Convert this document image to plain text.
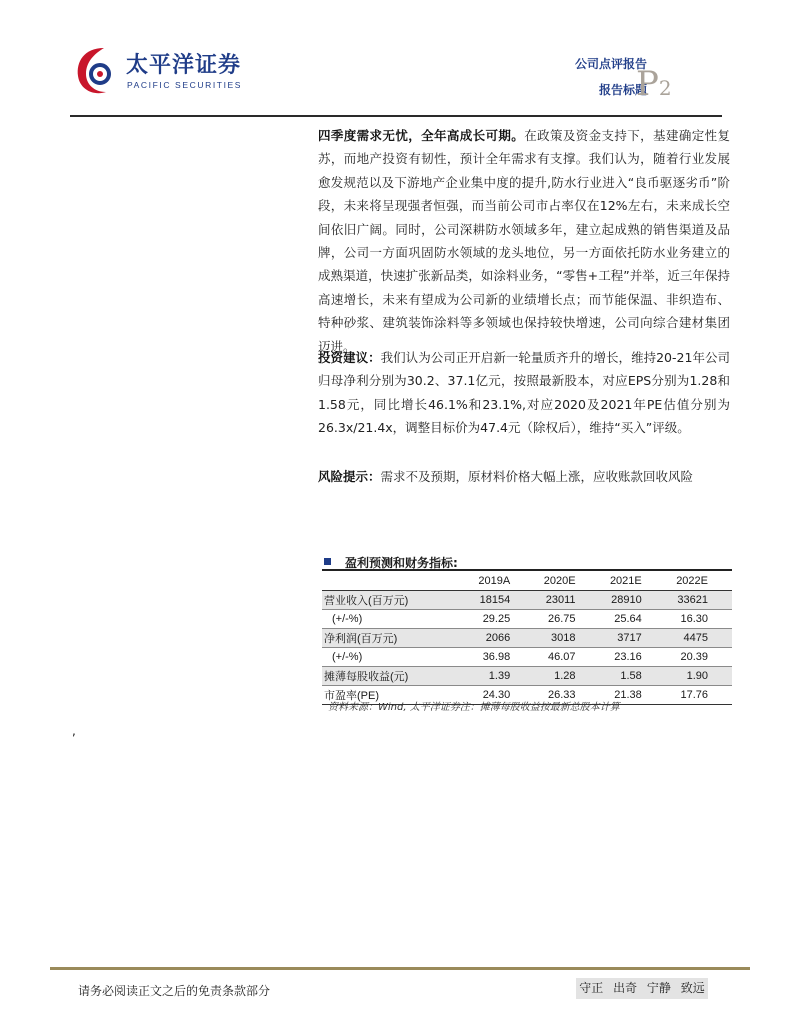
太平洋证券
PACIFIC SECURITIES
公司点评报告
报告标题
P2
四季度需求无忧，全年高成长可期。在政策及资金支持下，基建确定性复苏，而地产投资有韧性，预计全年需求有支撑。我们认为，随着行业发展愈发规范以及下游地产企业集中度的提升,防水行业进入“良币驱逐劣币”阶段，未来将呈现强者恒强，而当前公司市占率仅在12%左右，未来成长空间依旧广阔。同时，公司深耕防水领域多年，建立起成熟的销售渠道及品牌，公司一方面巩固防水领域的龙头地位，另一方面依托防水业务建立的成熟渠道，快速扩张新品类，如涂料业务，“零售+工程”并举，近三年保持高速增长，未来有望成为公司新的业绩增长点；而节能保温、非织造布、特种砂浆、建筑装饰涂料等多领域也保持较快增速，公司向综合建材集团迈进。
投资建议：我们认为公司正开启新一轮量质齐升的增长，维持20-21年公司归母净利分别为30.2、37.1亿元，按照最新股本，对应EPS分别为1.28和1.58元，同比增长46.1%和23.1%,对应2020及2021年PE估值分别为26.3x/21.4x，调整目标价为47.4元（除权后），维持“买入”评级。
风险提示：需求不及预期，原材料价格大幅上涨，应收账款回收风险
盈利预测和财务指标:
	2019A	2020E	2021E	2022E
营业收入(百万元)	18154	23011	28910	33621
(+/-%)	29.25	26.75	25.64	16.30
净利润(百万元)	2066	3018	3717	4475
(+/-%)	36.98	46.07	23.16	20.39
摊薄每股收益(元)	1.39	1.28	1.58	1.90
市盈率(PE)	24.30	26.33	21.38	17.76
资料来源：Wind, 太平洋证券注：摊薄每股收益按最新总股本计算
,
请务必阅读正文之后的免责条款部分	守正 出奇 宁静 致远
